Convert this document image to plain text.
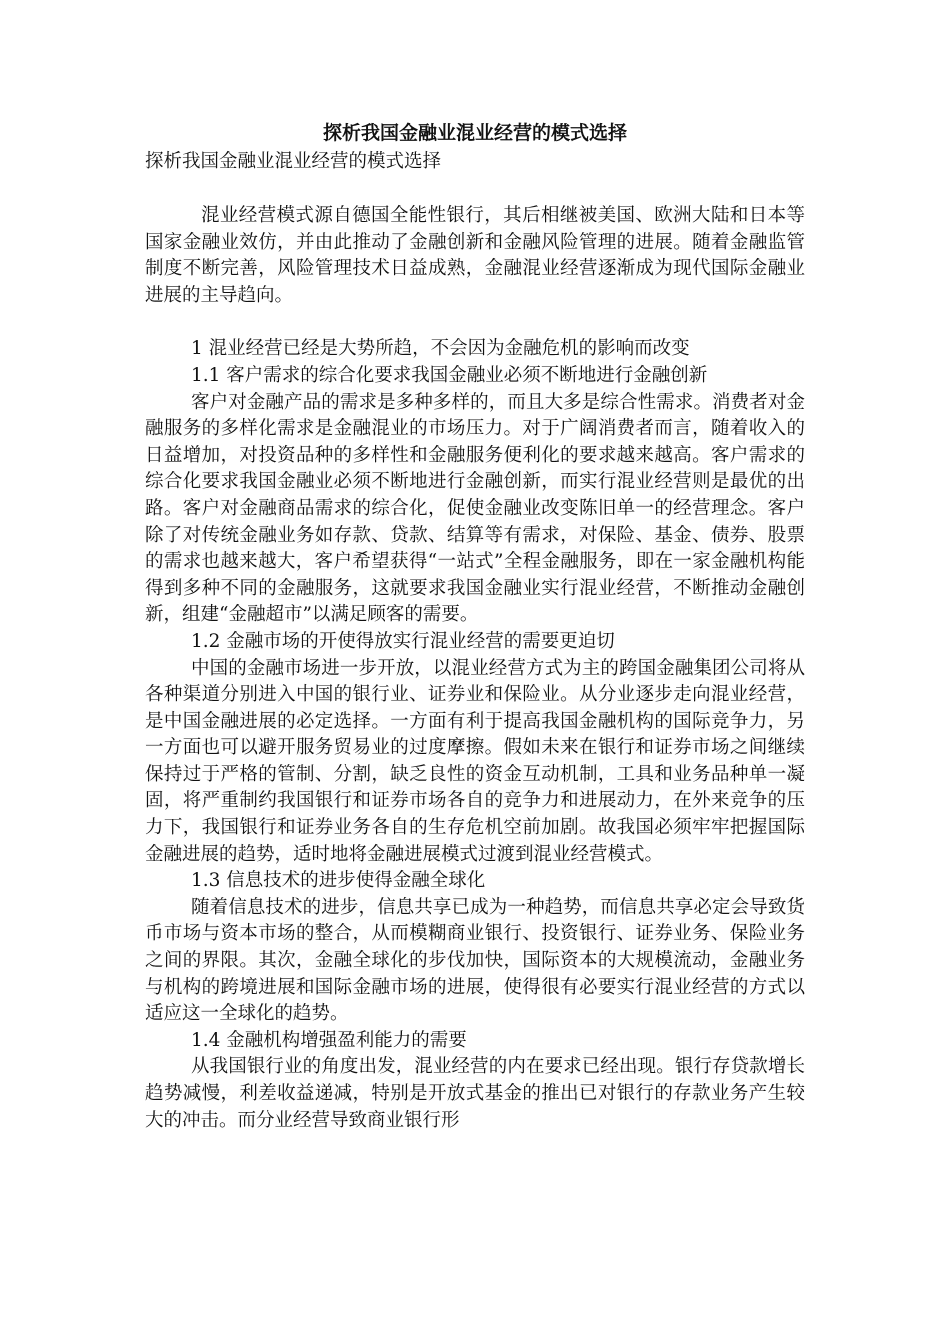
探析我国金融业混业经营的模式选择

探析我国金融业混业经营的模式选择

混业经营模式源自德国全能性银行，其后相继被美国、欧洲大陆和日本等国家金融业效仿，并由此推动了金融创新和金融风险管理的进展。随着金融监管制度不断完善，风险管理技术日益成熟，金融混业经营逐渐成为现代国际金融业进展的主导趋向。

1 混业经营已经是大势所趋，不会因为金融危机的影响而改变

1.1 客户需求的综合化要求我国金融业必须不断地进行金融创新

客户对金融产品的需求是多种多样的，而且大多是综合性需求。消费者对金融服务的多样化需求是金融混业的市场压力。对于广阔消费者而言，随着收入的日益增加，对投资品种的多样性和金融服务便利化的要求越来越高。客户需求的综合化要求我国金融业必须不断地进行金融创新，而实行混业经营则是最优的出路。客户对金融商品需求的综合化，促使金融业改变陈旧单一的经营理念。客户除了对传统金融业务如存款、贷款、结算等有需求，对保险、基金、债券、股票的需求也越来越大，客户希望获得“一站式”全程金融服务，即在一家金融机构能得到多种不同的金融服务，这就要求我国金融业实行混业经营，不断推动金融创新，组建“金融超市”以满足顾客的需要。

1.2 金融市场的开使得放实行混业经营的需要更迫切

中国的金融市场进一步开放，以混业经营方式为主的跨国金融集团公司将从各种渠道分别进入中国的银行业、证券业和保险业。从分业逐步走向混业经营，是中国金融进展的必定选择。一方面有利于提高我国金融机构的国际竞争力，另一方面也可以避开服务贸易业的过度摩擦。假如未来在银行和证券市场之间继续保持过于严格的管制、分割，缺乏良性的资金互动机制，工具和业务品种单一凝固，将严重制约我国银行和证券市场各自的竞争力和进展动力，在外来竞争的压力下，我国银行和证券业务各自的生存危机空前加剧。故我国必须牢牢把握国际金融进展的趋势，适时地将金融进展模式过渡到混业经营模式。

1.3 信息技术的进步使得金融全球化

随着信息技术的进步，信息共享已成为一种趋势，而信息共享必定会导致货币市场与资本市场的整合，从而模糊商业银行、投资银行、证券业务、保险业务之间的界限。其次，金融全球化的步伐加快，国际资本的大规模流动，金融业务与机构的跨境进展和国际金融市场的进展，使得很有必要实行混业经营的方式以适应这一全球化的趋势。

1.4 金融机构增强盈利能力的需要

从我国银行业的角度出发，混业经营的内在要求已经出现。银行存贷款增长趋势减慢，利差收益递减，特别是开放式基金的推出已对银行的存款业务产生较大的冲击。而分业经营导致商业银行形
